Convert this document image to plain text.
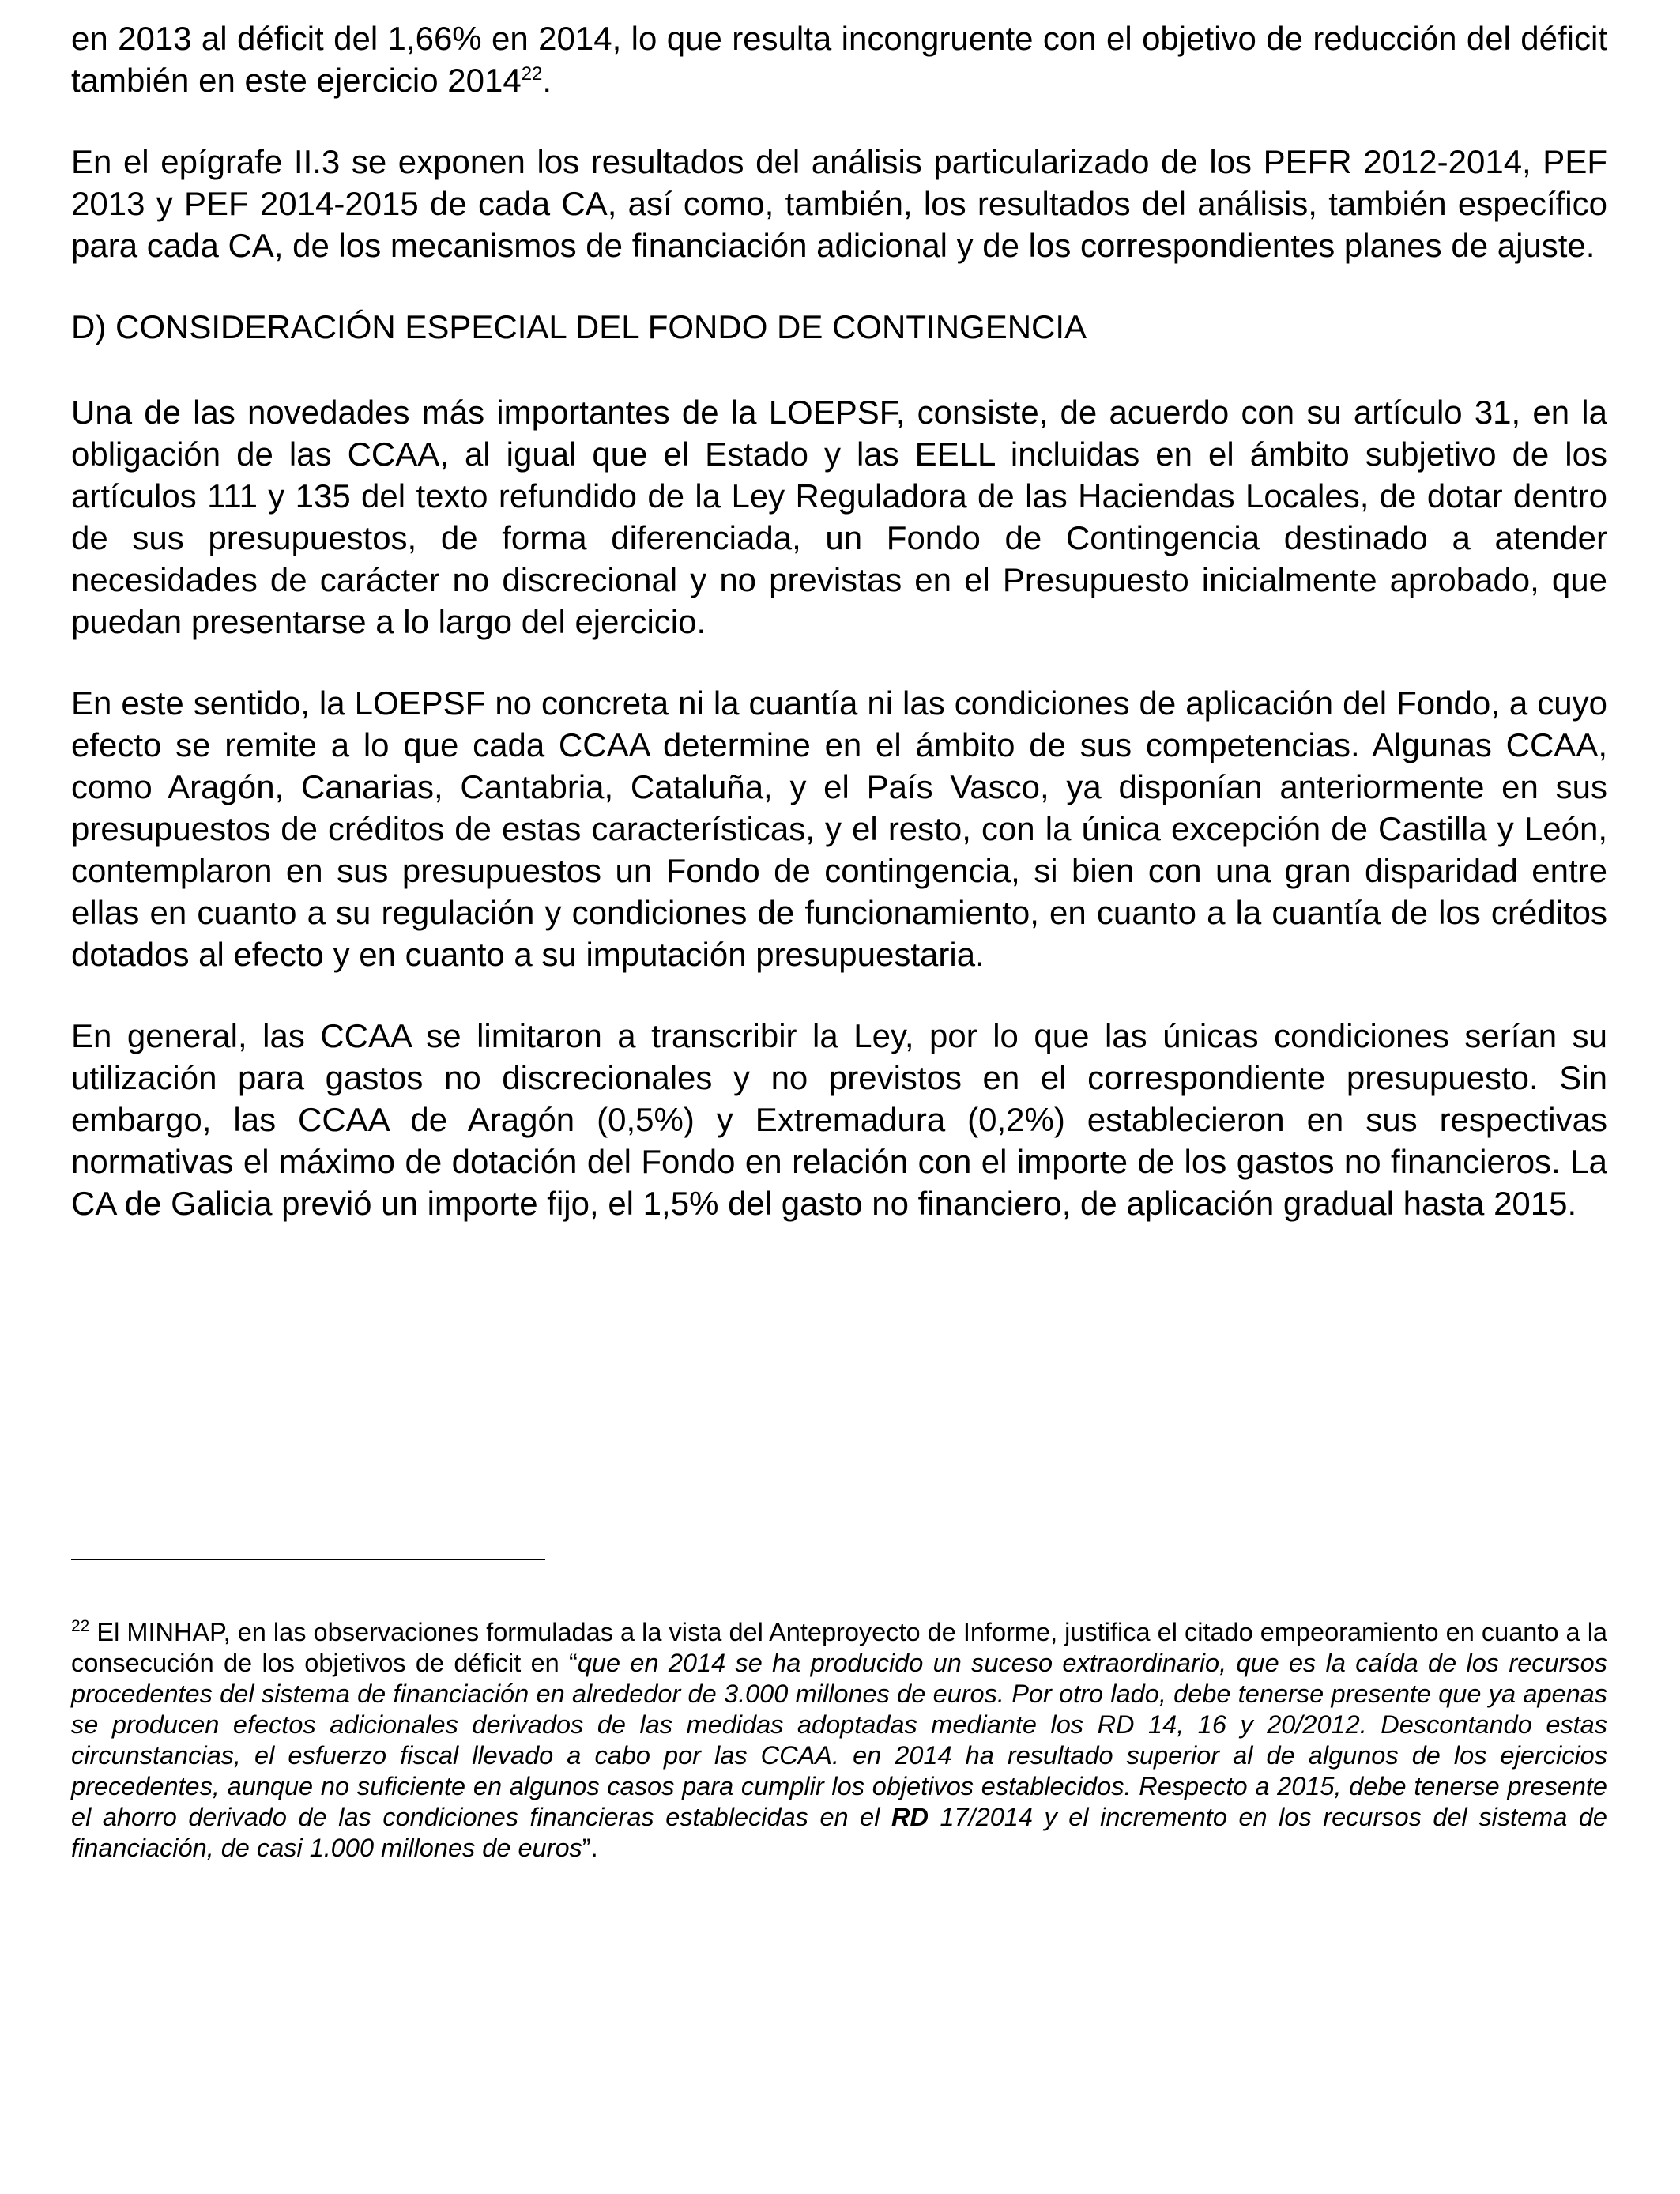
en 2013 al déficit del 1,66% en 2014, lo que resulta incongruente con el objetivo de reducción del déficit también en este ejercicio 2014$^{22}$.

En el epígrafe II.3 se exponen los resultados del análisis particularizado de los PEFR 2012-2014, PEF 2013 y PEF 2014-2015 de cada CA, así como, también, los resultados del análisis, también específico para cada CA, de los mecanismos de financiación adicional y de los correspondientes planes de ajuste.

D) CONSIDERACIÓN ESPECIAL DEL FONDO DE CONTINGENCIA

Una de las novedades más importantes de la LOEPSF, consiste, de acuerdo con su artículo 31, en la obligación de las CCAA, al igual que el Estado y las EELL incluidas en el ámbito subjetivo de los artículos 111 y 135 del texto refundido de la Ley Reguladora de las Haciendas Locales, de dotar dentro de sus presupuestos, de forma diferenciada, un Fondo de Contingencia destinado a atender necesidades de carácter no discrecional y no previstas en el Presupuesto inicialmente aprobado, que puedan presentarse a lo largo del ejercicio.

En este sentido, la LOEPSF no concreta ni la cuantía ni las condiciones de aplicación del Fondo, a cuyo efecto se remite a lo que cada CCAA determine en el ámbito de sus competencias. Algunas CCAA, como Aragón, Canarias, Cantabria, Cataluña, y el País Vasco, ya disponían anteriormente en sus presupuestos de créditos de estas características, y el resto, con la única excepción de Castilla y León, contemplaron en sus presupuestos un Fondo de contingencia, si bien con una gran disparidad entre ellas en cuanto a su regulación y condiciones de funcionamiento, en cuanto a la cuantía de los créditos dotados al efecto y en cuanto a su imputación presupuestaria.

En general, las CCAA se limitaron a transcribir la Ley, por lo que las únicas condiciones serían su utilización para gastos no discrecionales y no previstos en el correspondiente presupuesto. Sin embargo, las CCAA de Aragón (0,5%) y Extremadura (0,2%) establecieron en sus respectivas normativas el máximo de dotación del Fondo en relación con el importe de los gastos no financieros. La CA de Galicia previó un importe fijo, el 1,5% del gasto no financiero, de aplicación gradual hasta 2015.

$^{22}$ El MINHAP, en las observaciones formuladas a la vista del Anteproyecto de Informe, justifica el citado empeoramiento en cuanto a la consecución de los objetivos de déficit en “que en 2014 se ha producido un suceso extraordinario, que es la caída de los recursos procedentes del sistema de financiación en alrededor de 3.000 millones de euros. Por otro lado, debe tenerse presente que ya apenas se producen efectos adicionales derivados de las medidas adoptadas mediante los RD 14, 16 y 20/2012. Descontando estas circunstancias, el esfuerzo fiscal llevado a cabo por las CCAA. en 2014 ha resultado superior al de algunos de los ejercicios precedentes, aunque no suficiente en algunos casos para cumplir los objetivos establecidos. Respecto a 2015, debe tenerse presente el ahorro derivado de las condiciones financieras establecidas en el RD 17/2014 y el incremento en los recursos del sistema de financiación, de casi 1.000 millones de euros”.
